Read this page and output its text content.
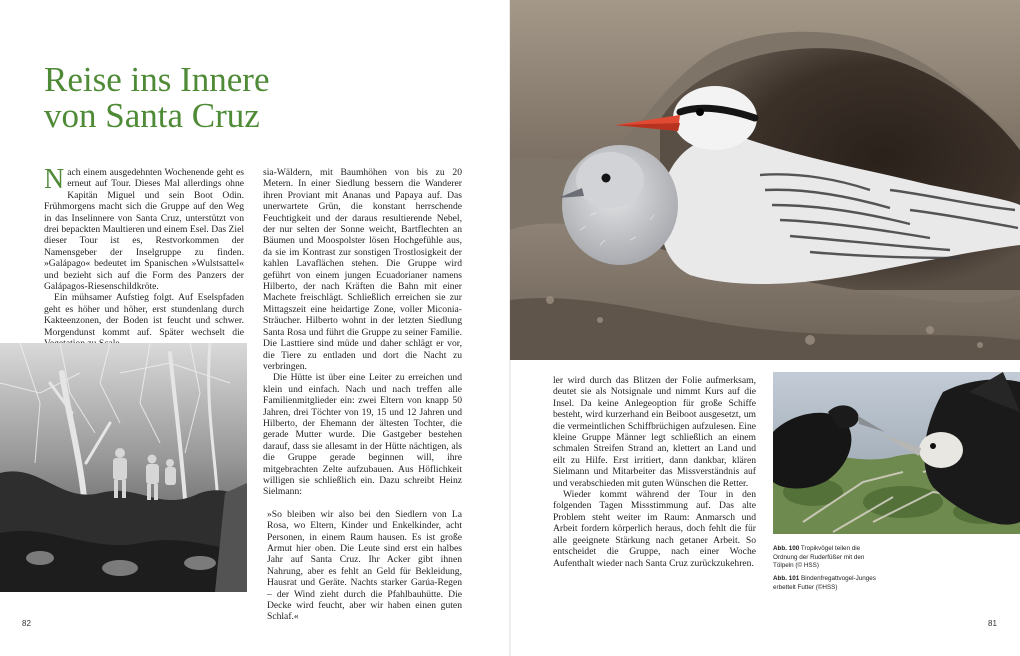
Reise ins Innere
von Santa Cruz

Nach einem ausgedehnten Wochenende geht es erneut auf Tour. Dieses Mal allerdings ohne Kapitän Miguel und sein Boot Odin. Frühmorgens macht sich die Gruppe auf den Weg in das Inselinnere von Santa Cruz, unterstützt von drei bepackten Maultieren und einem Esel. Das Ziel dieser Tour ist es, Restvorkommen der Namensgeber der Inselgruppe zu finden. »Galápago« bedeutet im Spanischen »Wulstsattel« und bezieht sich auf die Form des Panzers der Galápagos-Riesenschildkröte.

Ein mühsamer Aufstieg folgt. Auf Eselspfaden geht es höher und höher, erst stundenlang durch Kakteenzonen, der Boden ist feucht und schwer. Morgendunst kommt auf. Später wechselt die

sia-Wäldern, mit Baumhöhen von bis zu 20 Metern. In einer Siedlung bessern die Wanderer ihren Proviant mit Ananas und Papaya auf. Das unerwartete Grün, die konstant herrschende Feuchtigkeit und der daraus resultierende Nebel, der nur selten der Sonne weicht, Bartflechten an Bäumen und Moospolster lösen Hochgefühle aus, da sie im Kontrast zur sonstigen Trostlosigkeit der kahlen Lavaflächen stehen. Die Gruppe wird geführt von einem jungen Ecuadorianer namens Hilberto, der nach Kräften die Bahn mit einer Machete freischlägt. Schließlich erreichen sie zur Mittagszeit eine heidartige Zone, voller Miconia-Sträucher. Hilberto wohnt in der letzten Siedlung Santa Rosa und führt die Gruppe zu seiner Familie. Die Lasttiere sind müde und daher schlägt er vor, die Tiere zu entladen und dort die Nacht zu verbringen.

Die Hütte ist über eine Leiter zu erreichen und klein und einfach. Nach und nach treffen alle Familienmitglieder ein: zwei Eltern von knapp 50 Jahren, drei Töchter von 19, 15 und 12 Jahren und Hilberto, der Ehemann der ältesten Tochter, die gerade Mutter wurde. Die Gastgeber bestehen darauf, dass sie allesamt in der Hütte nächtigen, als die Gruppe gerade beginnen will, ihre mitgebrachten Zelte aufzubauen. Aus Höflichkeit willigen sie schließlich ein. Dazu schreibt Heinz Sielmann:

»So bleiben wir also bei den Siedlern von La Rosa, wo Eltern, Kinder und Enkelkinder, acht Personen, in einem Raum hausen. Es ist große Armut hier oben. Die Leute sind erst ein halbes Jahr auf Santa Cruz. Ihr Acker gibt ihnen Nahrung, aber es fehlt an Geld für Bekleidung, Hausrat und Geräte. Nachts starker Garúa-Regen – der Wind zieht durch die Pfahlbauhütte. Die Decke wird feucht, aber wir haben einen guten Schlaf.«

ler wird durch das Blitzen der Folie aufmerksam, deutet sie als Notsignale und nimmt Kurs auf die Insel. Da keine Anlegeoption für große Schiffe besteht, wird kurzerhand ein Beiboot ausgesetzt, um die vermeintlichen Schiffbrüchigen aufzulesen. Eine kleine Gruppe Männer legt schließlich an einem schmalen Streifen Strand an, klettert an Land und eilt zu Hilfe. Erst irritiert, dann dankbar, klären Sielmann und Mitarbeiter das Missverständnis auf und verabschieden mit guten Wünschen die Retter.

Wieder kommt während der Tour in den folgenden Tagen Missstimmung auf. Das alte Problem steht weiter im Raum: Anmarsch und Arbeit fordern körperlich heraus, doch fehlt die für alle geeignete Stärkung nach getaner Arbeit. So entscheidet die Gruppe, nach einer Woche Aufenthalt wieder nach Santa Cruz zurückzukehren.

Abb. 100 Tropikvögel teilen die Ordnung der Ruderfüßer mit den Tölpeln (© HSS)
Abb. 101 Bindenfregattvogel-Junges erbettelt Futter (©HSS)
82	81
